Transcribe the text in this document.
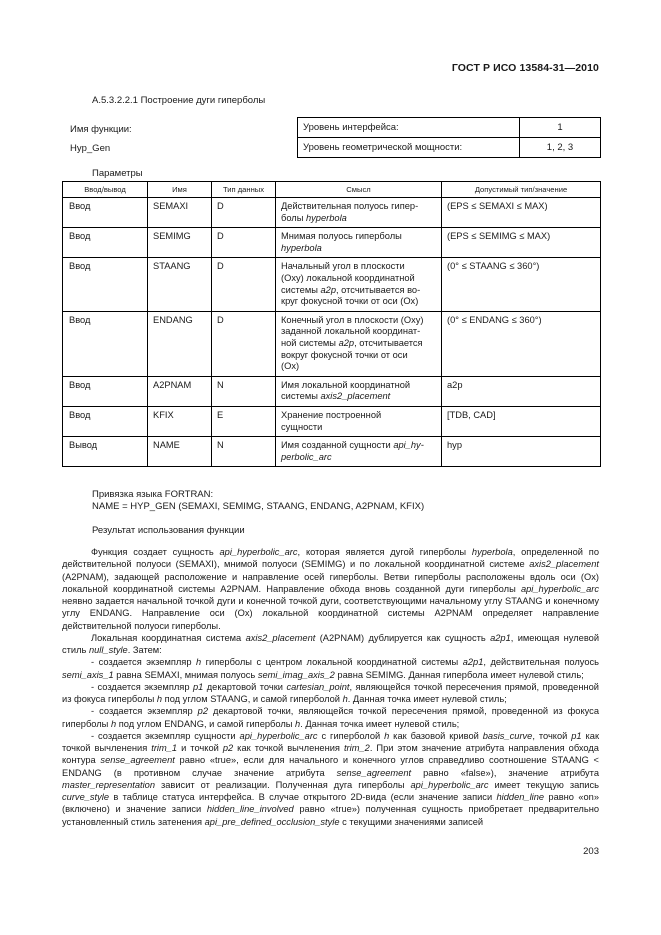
ГОСТ Р ИСО 13584-31—2010
A.5.3.2.2.1 Построение дуги гиперболы
Имя функции:
Hyp_Gen
Уровень интерфейса:	1
Уровень геометрической мощности:	1, 2, 3
Параметры
Ввод/вывод	Имя	Тип данных	Смысл	Допустимый тип/значение
Ввод	SEMAXI	D	Действительная полуось гипер-
болы hyperbola	(EPS ≤ SEMAXI ≤ MAX)
Ввод	SEMIMG	D	Мнимая полуось гиперболы
hyperbola	(EPS ≤ SEMIMG ≤ MAX)
Ввод	STAANG	D	Начальный угол в плоскости
(Oxy) локальной координатной
системы a2p, отсчитывается во-
круг фокусной точки от оси (Ox)	(0° ≤ STAANG ≤ 360°)
Ввод	ENDANG	D	Конечный угол в плоскости (Oxy)
заданной локальной координат-
ной системы a2p, отсчитывается
вокруг фокусной точки от оси
(Ox)	(0° ≤ ENDANG ≤ 360°)
Ввод	A2PNAM	N	Имя локальной координатной
системы axis2_placement	a2p
Ввод	KFIX	E	Хранение построенной
сущности	[TDB, CAD]
Вывод	NAME	N	Имя созданной сущности api_hy-
perbolic_arc	hyp
Привязка языка FORTRAN:
NAME = HYP_GEN (SEMAXI, SEMIMG, STAANG, ENDANG, A2PNAM, KFIX)
Результат использования функции

Функция создает сущность api_hyperbolic_arc, которая является дугой гиперболы hyperbola, определенной по действительной полуоси (SEMAXI), мнимой полуоси (SEMIMG) и по локальной координатной системе axis2_placement (A2PNAM), задающей расположение и направление осей гиперболы. Ветви гиперболы расположены вдоль оси (Ox) локальной координатной системы A2PNAM. Направление обхода вновь созданной дуги гиперболы api_hyperbolic_arc неявно задается начальной точкой дуги и конечной точкой дуги, соответствующими начальному углу STAANG и конечному углу ENDANG. Направление оси (Ox) локальной координатной системы A2PNAM определяет направление действительной полуоси гиперболы.

Локальная координатная система axis2_placement (A2PNAM) дублируется как сущность a2p1, имеющая нулевой стиль null_style. Затем:

- создается экземпляр h гиперболы с центром локальной координатной системы a2p1, действительная полуось semi_axis_1 равна SEMAXI, мнимая полуось semi_imag_axis_2 равна SEMIMG. Данная гипербола имеет нулевой стиль;

- создается экземпляр p1 декартовой точки cartesian_point, являющейся точкой пересечения прямой, проведенной из фокуса гиперболы h под углом STAANG, и самой гиперболой h. Данная точка имеет нулевой стиль;

- создается экземпляр p2 декартовой точки, являющейся точкой пересечения прямой, проведенной из фокуса гиперболы h под углом ENDANG, и самой гиперболы h. Данная точка имеет нулевой стиль;

- создается экземпляр сущности api_hyperbolic_arc с гиперболой h как базовой кривой basis_curve, точкой p1 как точкой вычленения trim_1 и точкой p2 как точкой вычленения trim_2. При этом значение атрибута направления обхода контура sense_agreement равно «true», если для начального и конечного углов справедливо соотношение STAANG < ENDANG (в противном случае значение атрибута sense_agreement равно «false»), значение атрибута master_representation зависит от реализации. Полученная дуга гиперболы api_hyperbolic_arc имеет текущую запись curve_style в таблице статуса интерфейса. В случае открытого 2D-вида (если значение записи hidden_line равно «on» (включено) и значение записи hidden_line_involved равно «true») полученная сущность приобретает предварительно установленный стиль затенения api_pre_defined_occlusion_style с текущими значениями записей

203
